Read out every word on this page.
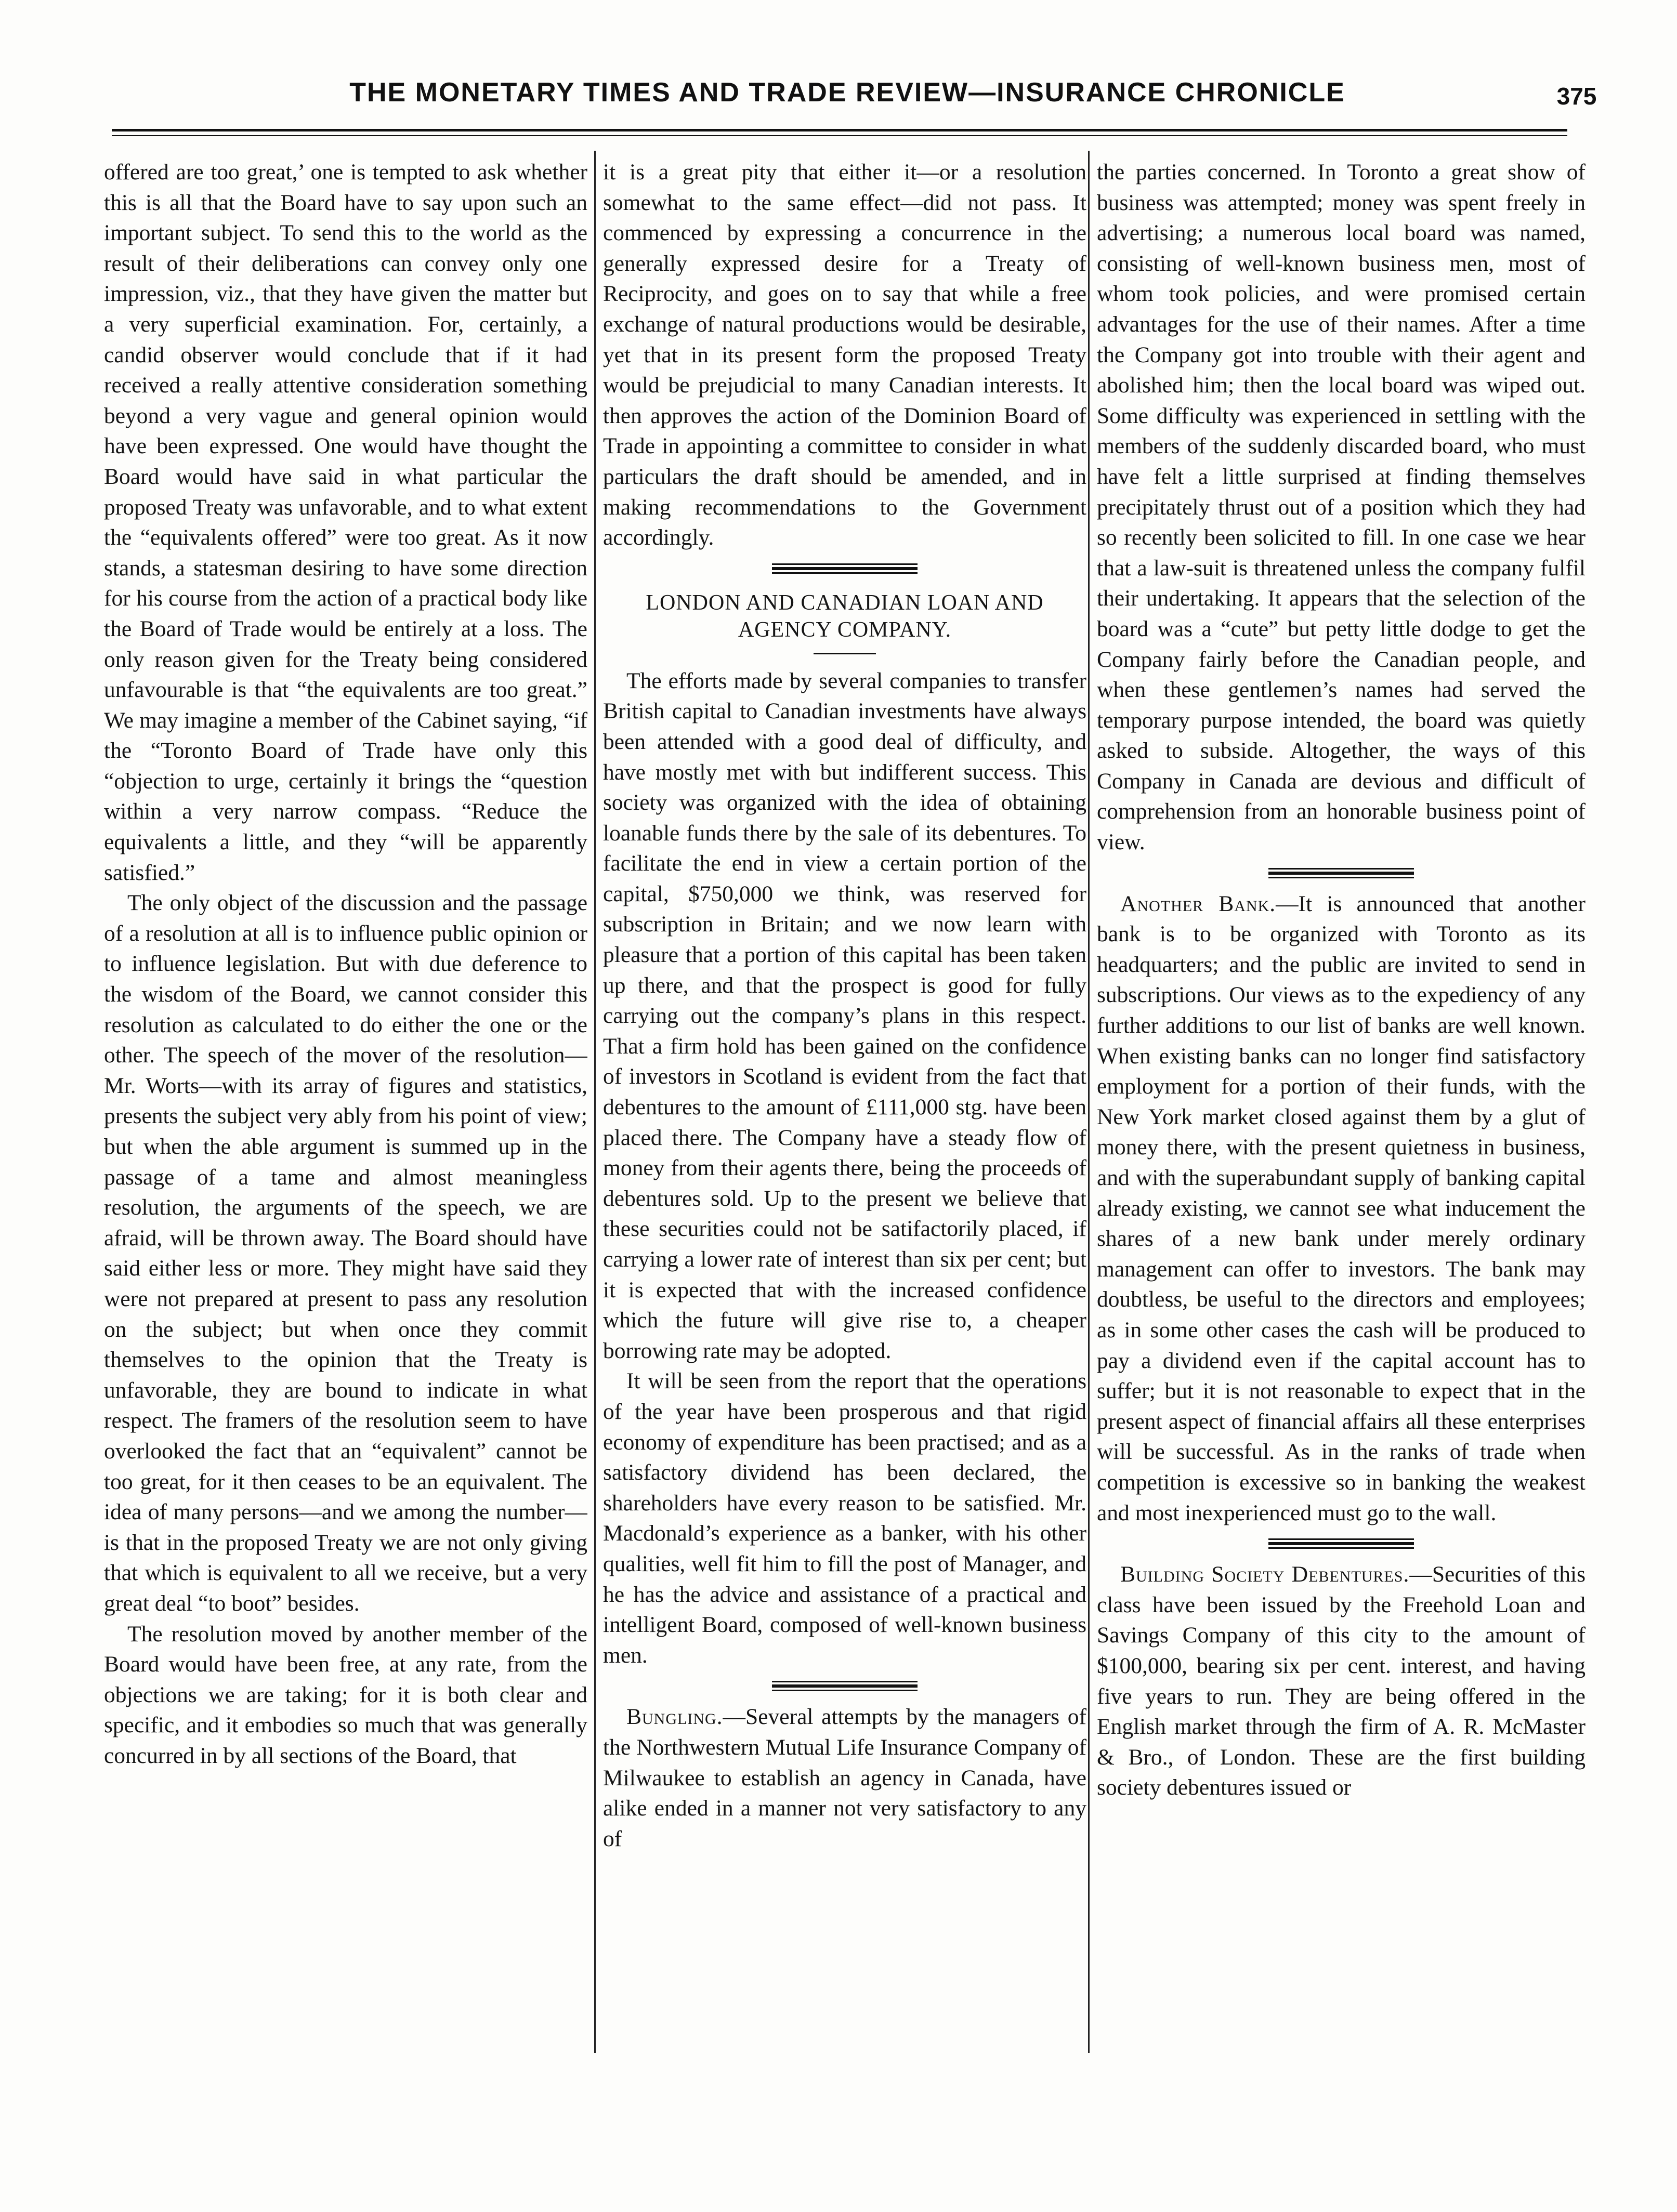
THE MONETARY TIMES AND TRADE REVIEW—INSURANCE CHRONICLE	375

offered are too great,’ one is tempted to ask whether this is all that the Board have to say upon such an important subject. To send this to the world as the result of their deliberations can convey only one impression, viz., that they have given the matter but a very superficial examination. For, certainly, a candid observer would conclude that if it had received a really attentive consideration something beyond a very vague and general opinion would have been expressed. One would have thought the Board would have said in what particular the proposed Treaty was unfavorable, and to what extent the “equivalents offered” were too great. As it now stands, a statesman desiring to have some direction for his course from the action of a practical body like the Board of Trade would be entirely at a loss. The only reason given for the Treaty being considered unfavourable is that “the equivalents are too great.” We may imagine a member of the Cabinet saying, “if the “Toronto Board of Trade have only this “objection to urge, certainly it brings the “question within a very narrow compass. “Reduce the equivalents a little, and they “will be apparently satisfied.”

The only object of the discussion and the passage of a resolution at all is to influence public opinion or to influence legislation. But with due deference to the wisdom of the Board, we cannot consider this resolution as calculated to do either the one or the other. The speech of the mover of the resolution—Mr. Worts—with its array of figures and statistics, presents the subject very ably from his point of view; but when the able argument is summed up in the passage of a tame and almost meaningless resolution, the arguments of the speech, we are afraid, will be thrown away. The Board should have said either less or more. They might have said they were not prepared at present to pass any resolution on the subject; but when once they commit themselves to the opinion that the Treaty is unfavorable, they are bound to indicate in what respect. The framers of the resolution seem to have overlooked the fact that an “equivalent” cannot be too great, for it then ceases to be an equivalent. The idea of many persons—and we among the number—is that in the proposed Treaty we are not only giving that which is equivalent to all we receive, but a very great deal “to boot” besides.

The resolution moved by another member of the Board would have been free, at any rate, from the objections we are taking; for it is both clear and specific, and it embodies so much that was generally concurred in by all sections of the Board, that

it is a great pity that either it—or a resolution somewhat to the same effect—did not pass. It commenced by expressing a concurrence in the generally expressed desire for a Treaty of Reciprocity, and goes on to say that while a free exchange of natural productions would be desirable, yet that in its present form the proposed Treaty would be prejudicial to many Canadian interests. It then approves the action of the Dominion Board of Trade in appointing a committee to consider in what particulars the draft should be amended, and in making recommendations to the Government accordingly.

LONDON AND CANADIAN LOAN AND AGENCY COMPANY.

The efforts made by several companies to transfer British capital to Canadian investments have always been attended with a good deal of difficulty, and have mostly met with but indifferent success. This society was organized with the idea of obtaining loanable funds there by the sale of its debentures. To facilitate the end in view a certain portion of the capital, $750,000 we think, was reserved for subscription in Britain; and we now learn with pleasure that a portion of this capital has been taken up there, and that the prospect is good for fully carrying out the company’s plans in this respect. That a firm hold has been gained on the confidence of investors in Scotland is evident from the fact that debentures to the amount of £111,000 stg. have been placed there. The Company have a steady flow of money from their agents there, being the proceeds of debentures sold. Up to the present we believe that these securities could not be satifactorily placed, if carrying a lower rate of interest than six per cent; but it is expected that with the increased confidence which the future will give rise to, a cheaper borrowing rate may be adopted.

It will be seen from the report that the operations of the year have been prosperous and that rigid economy of expenditure has been practised; and as a satisfactory dividend has been declared, the shareholders have every reason to be satisfied. Mr. Macdonald’s experience as a banker, with his other qualities, well fit him to fill the post of Manager, and he has the advice and assistance of a practical and intelligent Board, composed of well-known business men.

Bungling.—Several attempts by the managers of the Northwestern Mutual Life Insurance Company of Milwaukee to establish an agency in Canada, have alike ended in a manner not very satisfactory to any of

the parties concerned. In Toronto a great show of business was attempted; money was spent freely in advertising; a numerous local board was named, consisting of well-known business men, most of whom took policies, and were promised certain advantages for the use of their names. After a time the Company got into trouble with their agent and abolished him; then the local board was wiped out. Some difficulty was experienced in settling with the members of the suddenly discarded board, who must have felt a little surprised at finding themselves precipitately thrust out of a position which they had so recently been solicited to fill. In one case we hear that a law-suit is threatened unless the company fulfil their undertaking. It appears that the selection of the board was a “cute” but petty little dodge to get the Company fairly before the Canadian people, and when these gentlemen’s names had served the temporary purpose intended, the board was quietly asked to subside. Altogether, the ways of this Company in Canada are devious and difficult of comprehension from an honorable business point of view.

Another Bank.—It is announced that another bank is to be organized with Toronto as its headquarters; and the public are invited to send in subscriptions. Our views as to the expediency of any further additions to our list of banks are well known. When existing banks can no longer find satisfactory employment for a portion of their funds, with the New York market closed against them by a glut of money there, with the present quietness in business, and with the superabundant supply of banking capital already existing, we cannot see what inducement the shares of a new bank under merely ordinary management can offer to investors. The bank may doubtless, be useful to the directors and employees; as in some other cases the cash will be produced to pay a dividend even if the capital account has to suffer; but it is not reasonable to expect that in the present aspect of financial affairs all these enterprises will be successful. As in the ranks of trade when competition is excessive so in banking the weakest and most inexperienced must go to the wall.

Building Society Debentures.—Securities of this class have been issued by the Freehold Loan and Savings Company of this city to the amount of $100,000, bearing six per cent. interest, and having five years to run. They are being offered in the English market through the firm of A. R. McMaster & Bro., of London. These are the first building society debentures issued or
